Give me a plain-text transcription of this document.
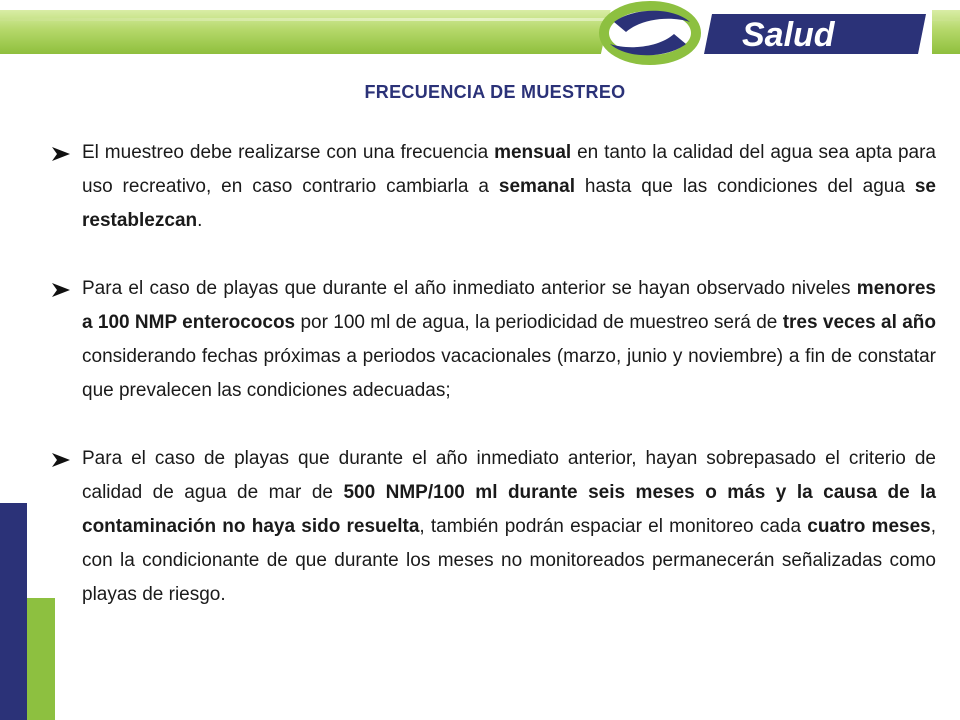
Salud
FRECUENCIA DE MUESTREO
El muestreo debe realizarse con una frecuencia mensual en tanto la calidad del agua sea apta para uso recreativo, en caso contrario cambiarla a semanal hasta que las condiciones del agua se restablezcan.
Para el caso de playas que durante el año inmediato anterior se hayan observado niveles menores a 100 NMP enterococos por 100 ml de agua, la periodicidad de muestreo será de tres veces al año considerando fechas próximas a periodos vacacionales (marzo, junio y noviembre) a fin de constatar que prevalecen las condiciones adecuadas;
Para el caso de playas que durante el año inmediato anterior, hayan sobrepasado el criterio de calidad de agua de mar de 500 NMP/100 ml durante seis meses o más y la causa de la contaminación no haya sido resuelta, también podrán espaciar el monitoreo cada cuatro meses, con la condicionante de que durante los meses no monitoreados permanecerán señalizadas como playas de riesgo.
